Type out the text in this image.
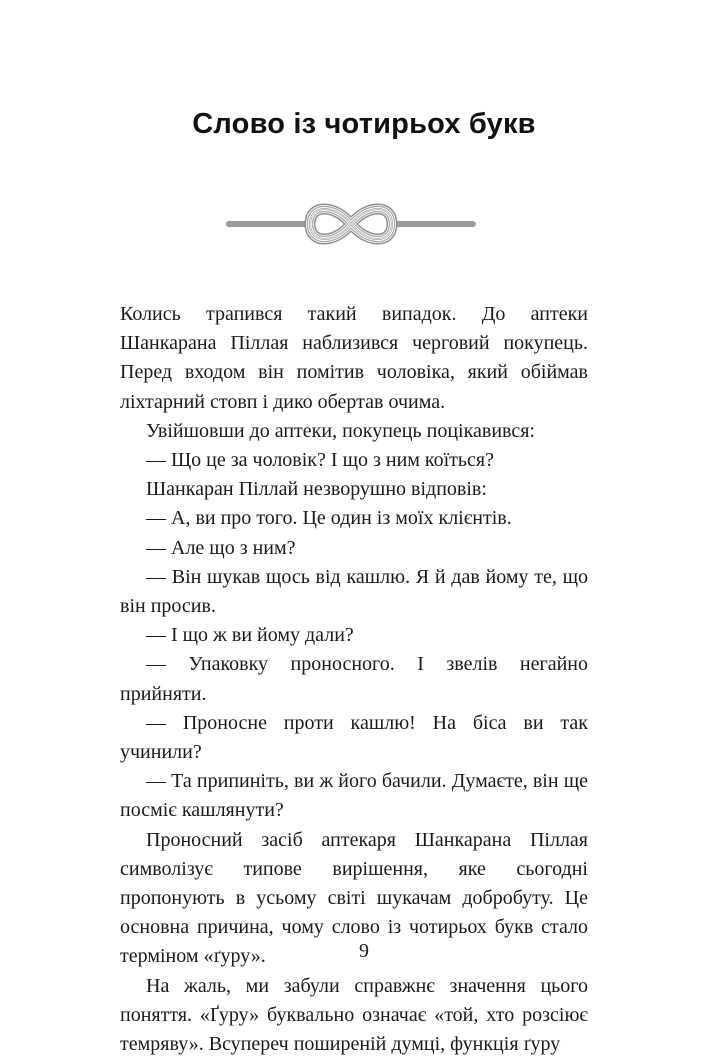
Слово із чотирьох букв

Колись трапився такий випадок. До аптеки Шанкарана Піллая наблизився черговий покупець. Перед входом він помітив чоловіка, який обіймав ліхтарний стовп і дико обертав очима.

Увійшовши до аптеки, покупець поцікавився:

— Що це за чоловік? І що з ним коїться?

Шанкаран Піллай незворушно відповів:

— А, ви про того. Це один із моїх клієнтів.

— Але що з ним?

— Він шукав щось від кашлю. Я й дав йому те, що він просив.

— І що ж ви йому дали?

— Упаковку проносного. І звелів негайно прийняти.

— Проносне проти кашлю! На біса ви так учинили?

— Та припиніть, ви ж його бачили. Думаєте, він ще посміє кашлянути?

Проносний засіб аптекаря Шанкарана Піллая символізує типове вирішення, яке сьогодні пропонують в усьому світі шукачам добробуту. Це основна причина, чому слово із чотирьох букв стало терміном «ґуру».

На жаль, ми забули справжнє значення цього поняття. «Ґуру» буквально означає «той, хто розсіює темряву». Всупереч поширеній думці, функція ґуру

9
